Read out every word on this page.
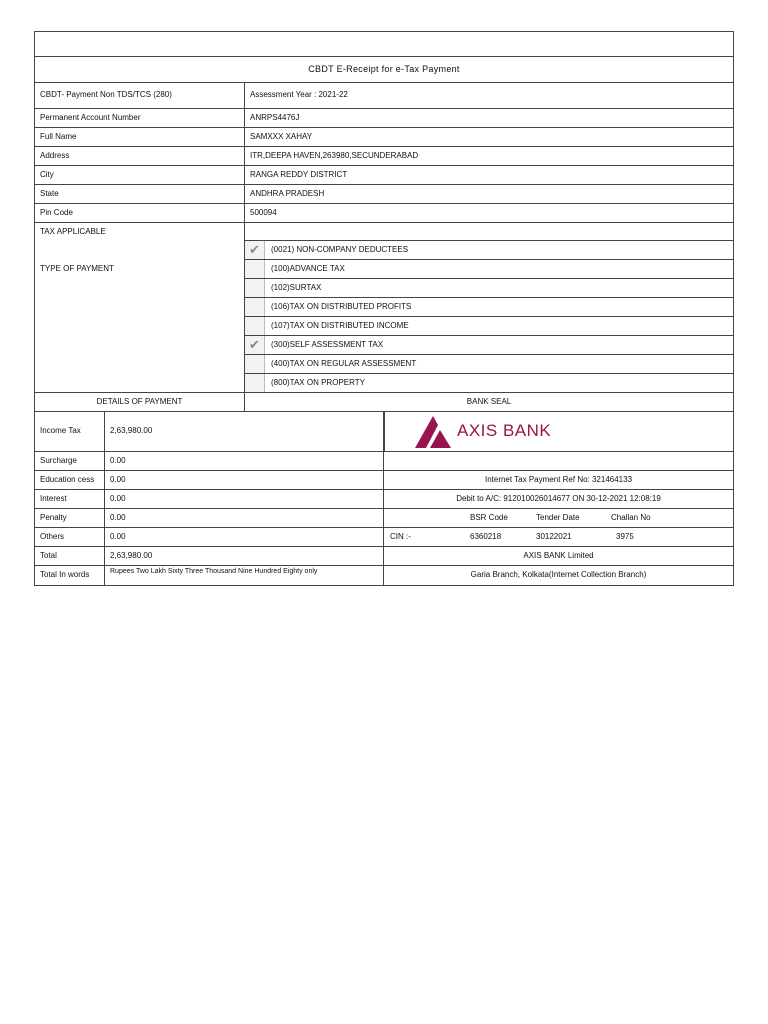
CBDT E-Receipt for e-Tax Payment
CBDT- Payment Non TDS/TCS (280)	Assessment Year : 2021-22
Permanent Account Number	ANRPS4476J
Full Name	SAMXXX XAHAY
Address	ITR,DEEPA HAVEN,263980,SECUNDERABAD
City	RANGA REDDY DISTRICT
State	ANDHRA PRADESH
Pin Code	500094
✔	(0021) NON-COMPANY DEDUCTEES
(100)ADVANCE TAX
(102)SURTAX
(106)TAX ON DISTRIBUTED PROFITS
(107)TAX ON DISTRIBUTED INCOME
✔	(300)SELF ASSESSMENT TAX
(400)TAX ON REGULAR ASSESSMENT
(800)TAX ON PROPERTY
Income Tax	2,63,980.00
Surcharge	0.00
Education cess	0.00
Interest	0.00
Penalty	0.00
Others	0.00
Total	2,63,980.00
Total In words	Rupees Two Lakh Sixty Three Thousand Nine Hundred Eighty only
Internet Tax Payment Ref No: 321464133
Debit to A/C: 912010026014677 ON 30-12-2021 12:08:19
AXIS BANK Limited
Garia Branch, Kolkata(Internet Collection Branch)
BSR Code	Tender Date	Challan No
CIN :-	6360218	30122021	3975
DETAILS OF PAYMENT	BANK SEAL
TAX APPLICABLE
TYPE OF PAYMENT
AXIS BANK
